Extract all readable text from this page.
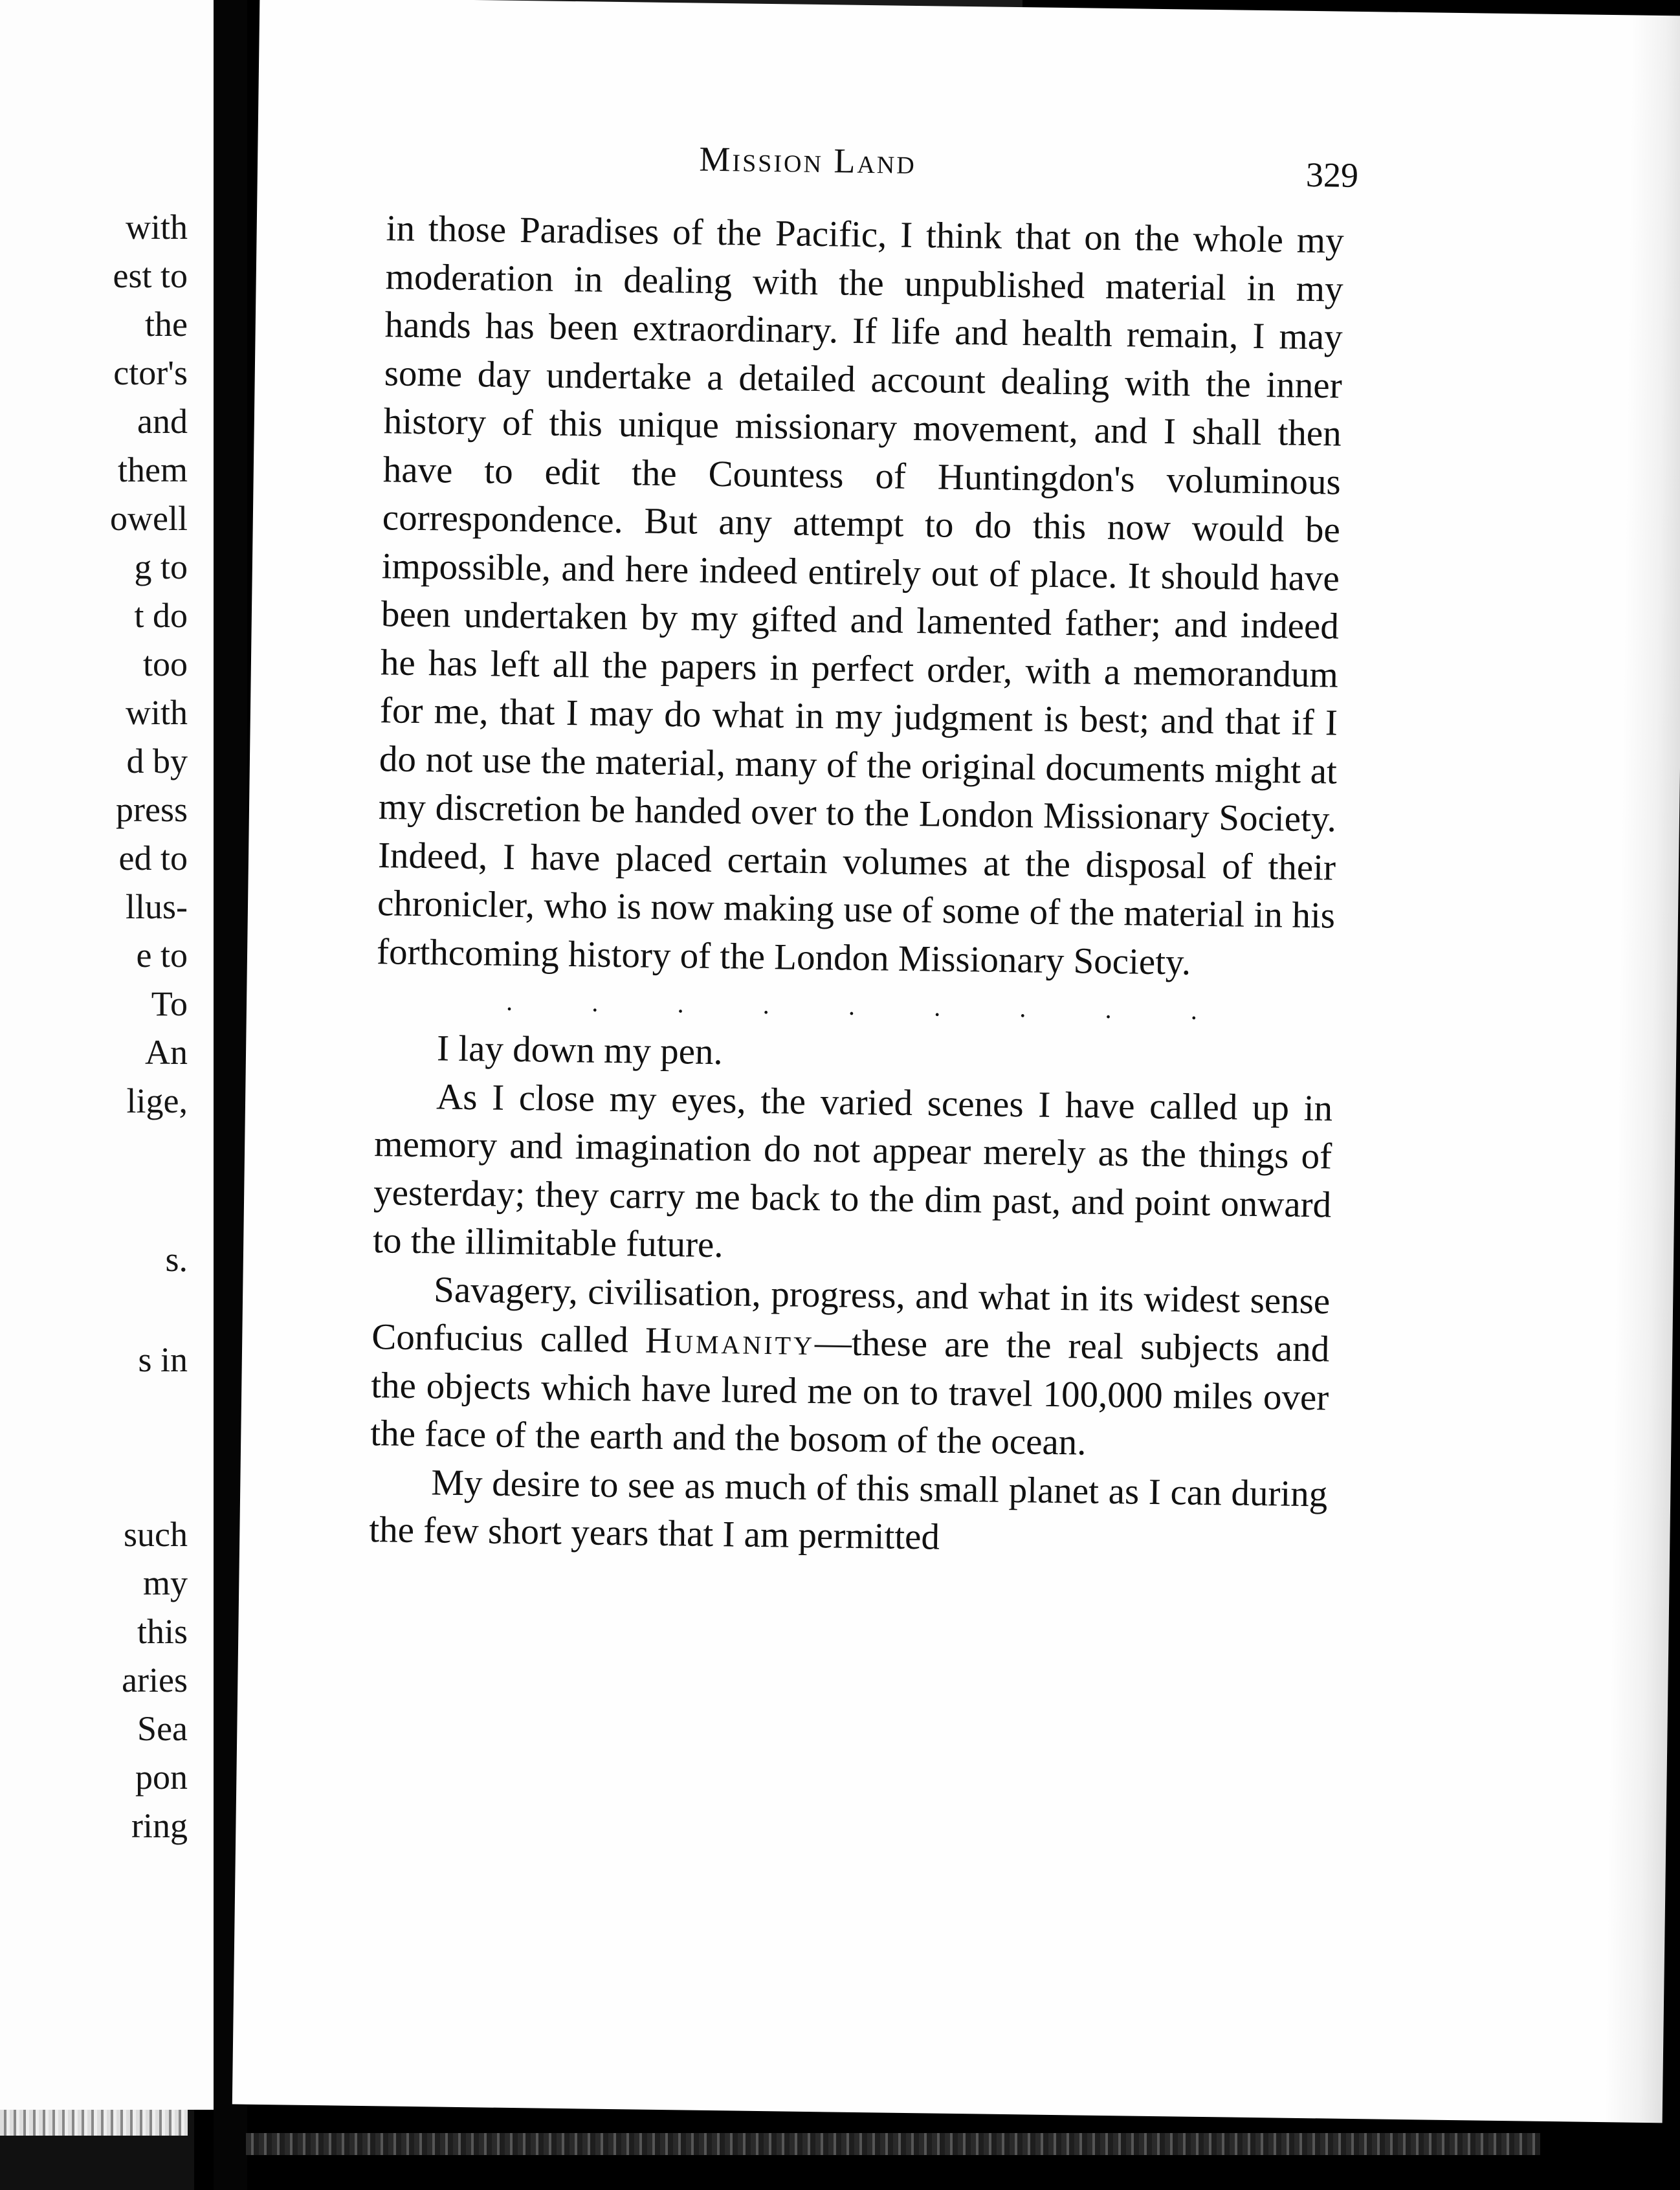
with
est to
the
ctor's
and
them
owell
g to
t do
too
with
d by
press
ed to
llus-
e to
To
An
lige,
s.
s in
such
my
this
aries
Sea
pon
ring
Mission Land	329

in those Paradises of the Pacific, I think that on the whole my moderation in dealing with the unpublished material in my hands has been extraordinary. If life and health remain, I may some day undertake a detailed account dealing with the inner history of this unique missionary movement, and I shall then have to edit the Countess of Huntingdon's voluminous correspondence. But any attempt to do this now would be impossible, and here indeed entirely out of place. It should have been undertaken by my gifted and lamented father; and indeed he has left all the papers in perfect order, with a memorandum for me, that I may do what in my judgment is best; and that if I do not use the material, many of the original documents might at my discretion be handed over to the London Missionary Society. Indeed, I have placed certain volumes at the disposal of their chronicler, who is now making use of some of the material in his forthcoming history of the London Missionary Society.

.	.	.	.	.	.	.	.	.

I lay down my pen.

As I close my eyes, the varied scenes I have called up in memory and imagination do not appear merely as the things of yesterday; they carry me back to the dim past, and point onward to the illimitable future.

Savagery, civilisation, progress, and what in its widest sense Confucius called Humanity—these are the real subjects and the objects which have lured me on to travel 100,000 miles over the face of the earth and the bosom of the ocean.

My desire to see as much of this small planet as I can during the few short years that I am permitted
